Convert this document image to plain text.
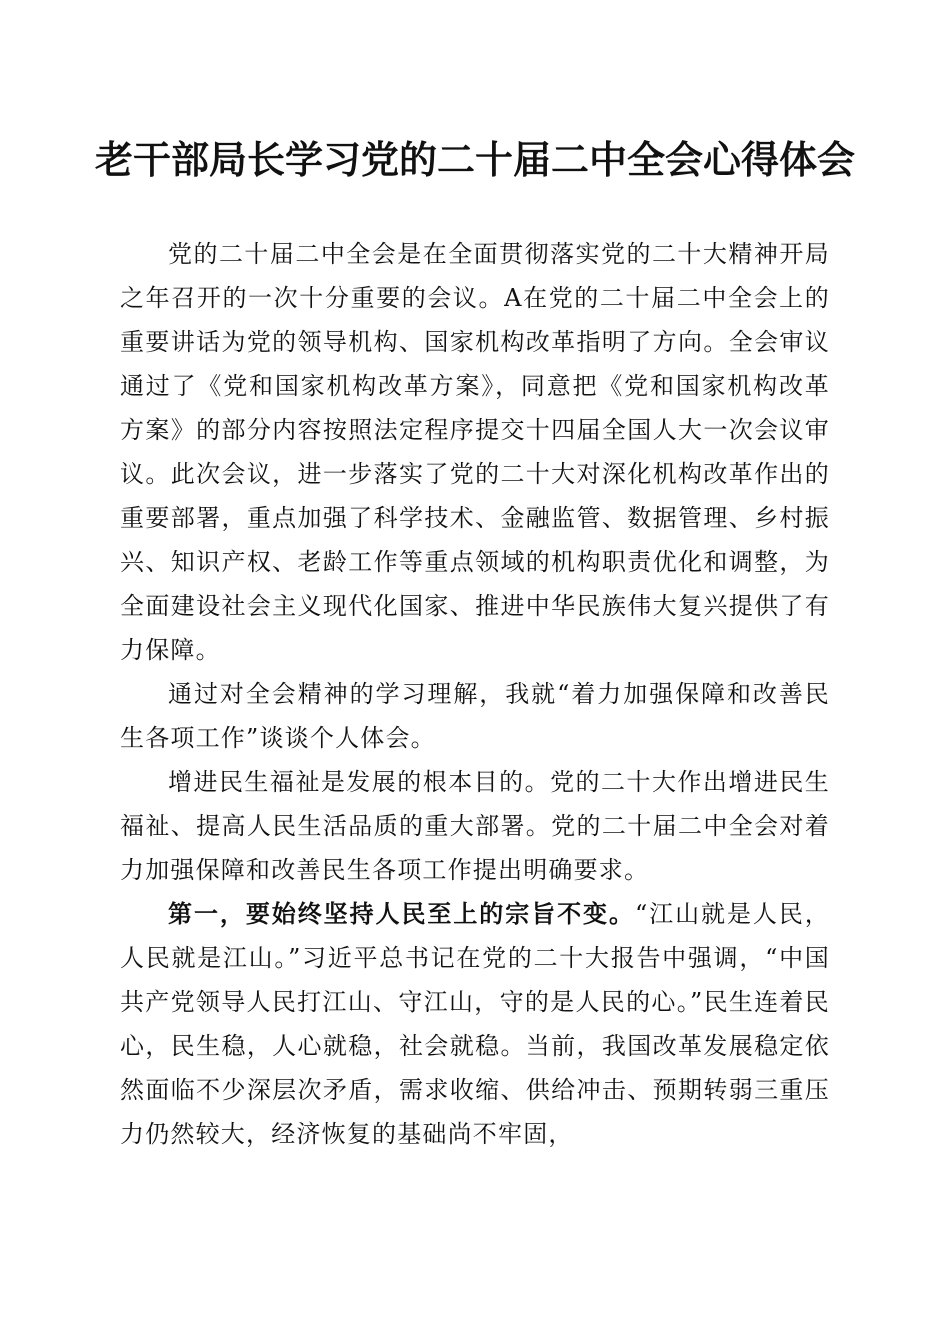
老干部局长学习党的二十届二中全会心得体会

党的二十届二中全会是在全面贯彻落实党的二十大精神开局之年召开的一次十分重要的会议。A在党的二十届二中全会上的重要讲话为党的领导机构、国家机构改革指明了方向。全会审议通过了《党和国家机构改革方案》，同意把《党和国家机构改革方案》的部分内容按照法定程序提交十四届全国人大一次会议审议。此次会议，进一步落实了党的二十大对深化机构改革作出的重要部署，重点加强了科学技术、金融监管、数据管理、乡村振兴、知识产权、老龄工作等重点领域的机构职责优化和调整，为全面建设社会主义现代化国家、推进中华民族伟大复兴提供了有力保障。

通过对全会精神的学习理解，我就“着力加强保障和改善民生各项工作”谈谈个人体会。

增进民生福祉是发展的根本目的。党的二十大作出增进民生福祉、提高人民生活品质的重大部署。党的二十届二中全会对着力加强保障和改善民生各项工作提出明确要求。

第一，要始终坚持人民至上的宗旨不变。“江山就是人民，人民就是江山。”习近平总书记在党的二十大报告中强调，“中国共产党领导人民打江山、守江山，守的是人民的心。”民生连着民心，民生稳，人心就稳，社会就稳。当前，我国改革发展稳定依然面临不少深层次矛盾，需求收缩、供给冲击、预期转弱三重压力仍然较大，经济恢复的基础尚不牢固，
